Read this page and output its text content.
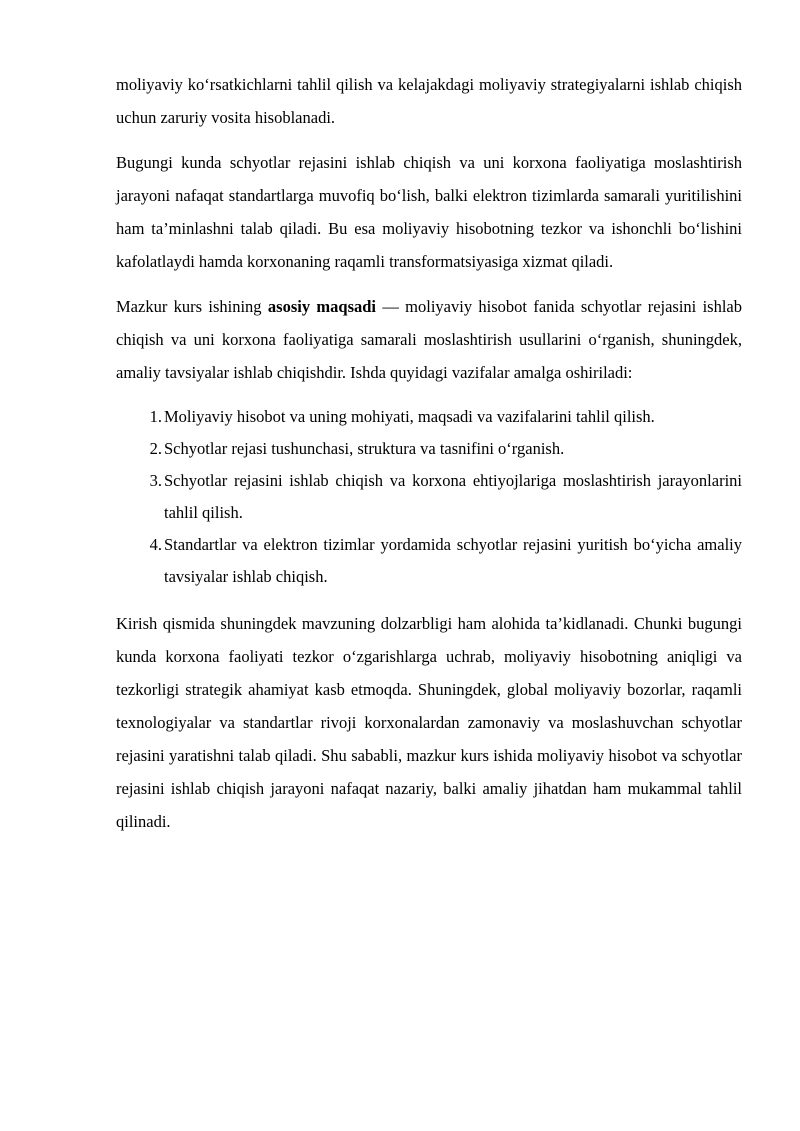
moliyaviy ko‘rsatkichlarni tahlil qilish va kelajakdagi moliyaviy strategiyalarni ishlab chiqish uchun zaruriy vosita hisoblanadi.

Bugungi kunda schyotlar rejasini ishlab chiqish va uni korxona faoliyatiga moslashtirish jarayoni nafaqat standartlarga muvofiq bo‘lish, balki elektron tizimlarda samarali yuritilishini ham ta’minlashni talab qiladi. Bu esa moliyaviy hisobotning tezkor va ishonchli bo‘lishini kafolatlaydi hamda korxonaning raqamli transformatsiyasiga xizmat qiladi.

Mazkur kurs ishining asosiy maqsadi — moliyaviy hisobot fanida schyotlar rejasini ishlab chiqish va uni korxona faoliyatiga samarali moslashtirish usullarini o‘rganish, shuningdek, amaliy tavsiyalar ishlab chiqishdir. Ishda quyidagi vazifalar amalga oshiriladi:

1. Moliyaviy hisobot va uning mohiyati, maqsadi va vazifalarini tahlil qilish.
2. Schyotlar rejasi tushunchasi, struktura va tasnifini o‘rganish.
3. Schyotlar rejasini ishlab chiqish va korxona ehtiyojlariga moslashtirish jarayonlarini tahlil qilish.
4. Standartlar va elektron tizimlar yordamida schyotlar rejasini yuritish bo‘yicha amaliy tavsiyalar ishlab chiqish.

Kirish qismida shuningdek mavzuning dolzarbligi ham alohida ta’kidlanadi. Chunki bugungi kunda korxona faoliyati tezkor o‘zgarishlarga uchrab, moliyaviy hisobotning aniqligi va tezkorligi strategik ahamiyat kasb etmoqda. Shuningdek, global moliyaviy bozorlar, raqamli texnologiyalar va standartlar rivoji korxonalardan zamonaviy va moslashuvchan schyotlar rejasini yaratishni talab qiladi. Shu sababli, mazkur kurs ishida moliyaviy hisobot va schyotlar rejasini ishlab chiqish jarayoni nafaqat nazariy, balki amaliy jihatdan ham mukammal tahlil qilinadi.
